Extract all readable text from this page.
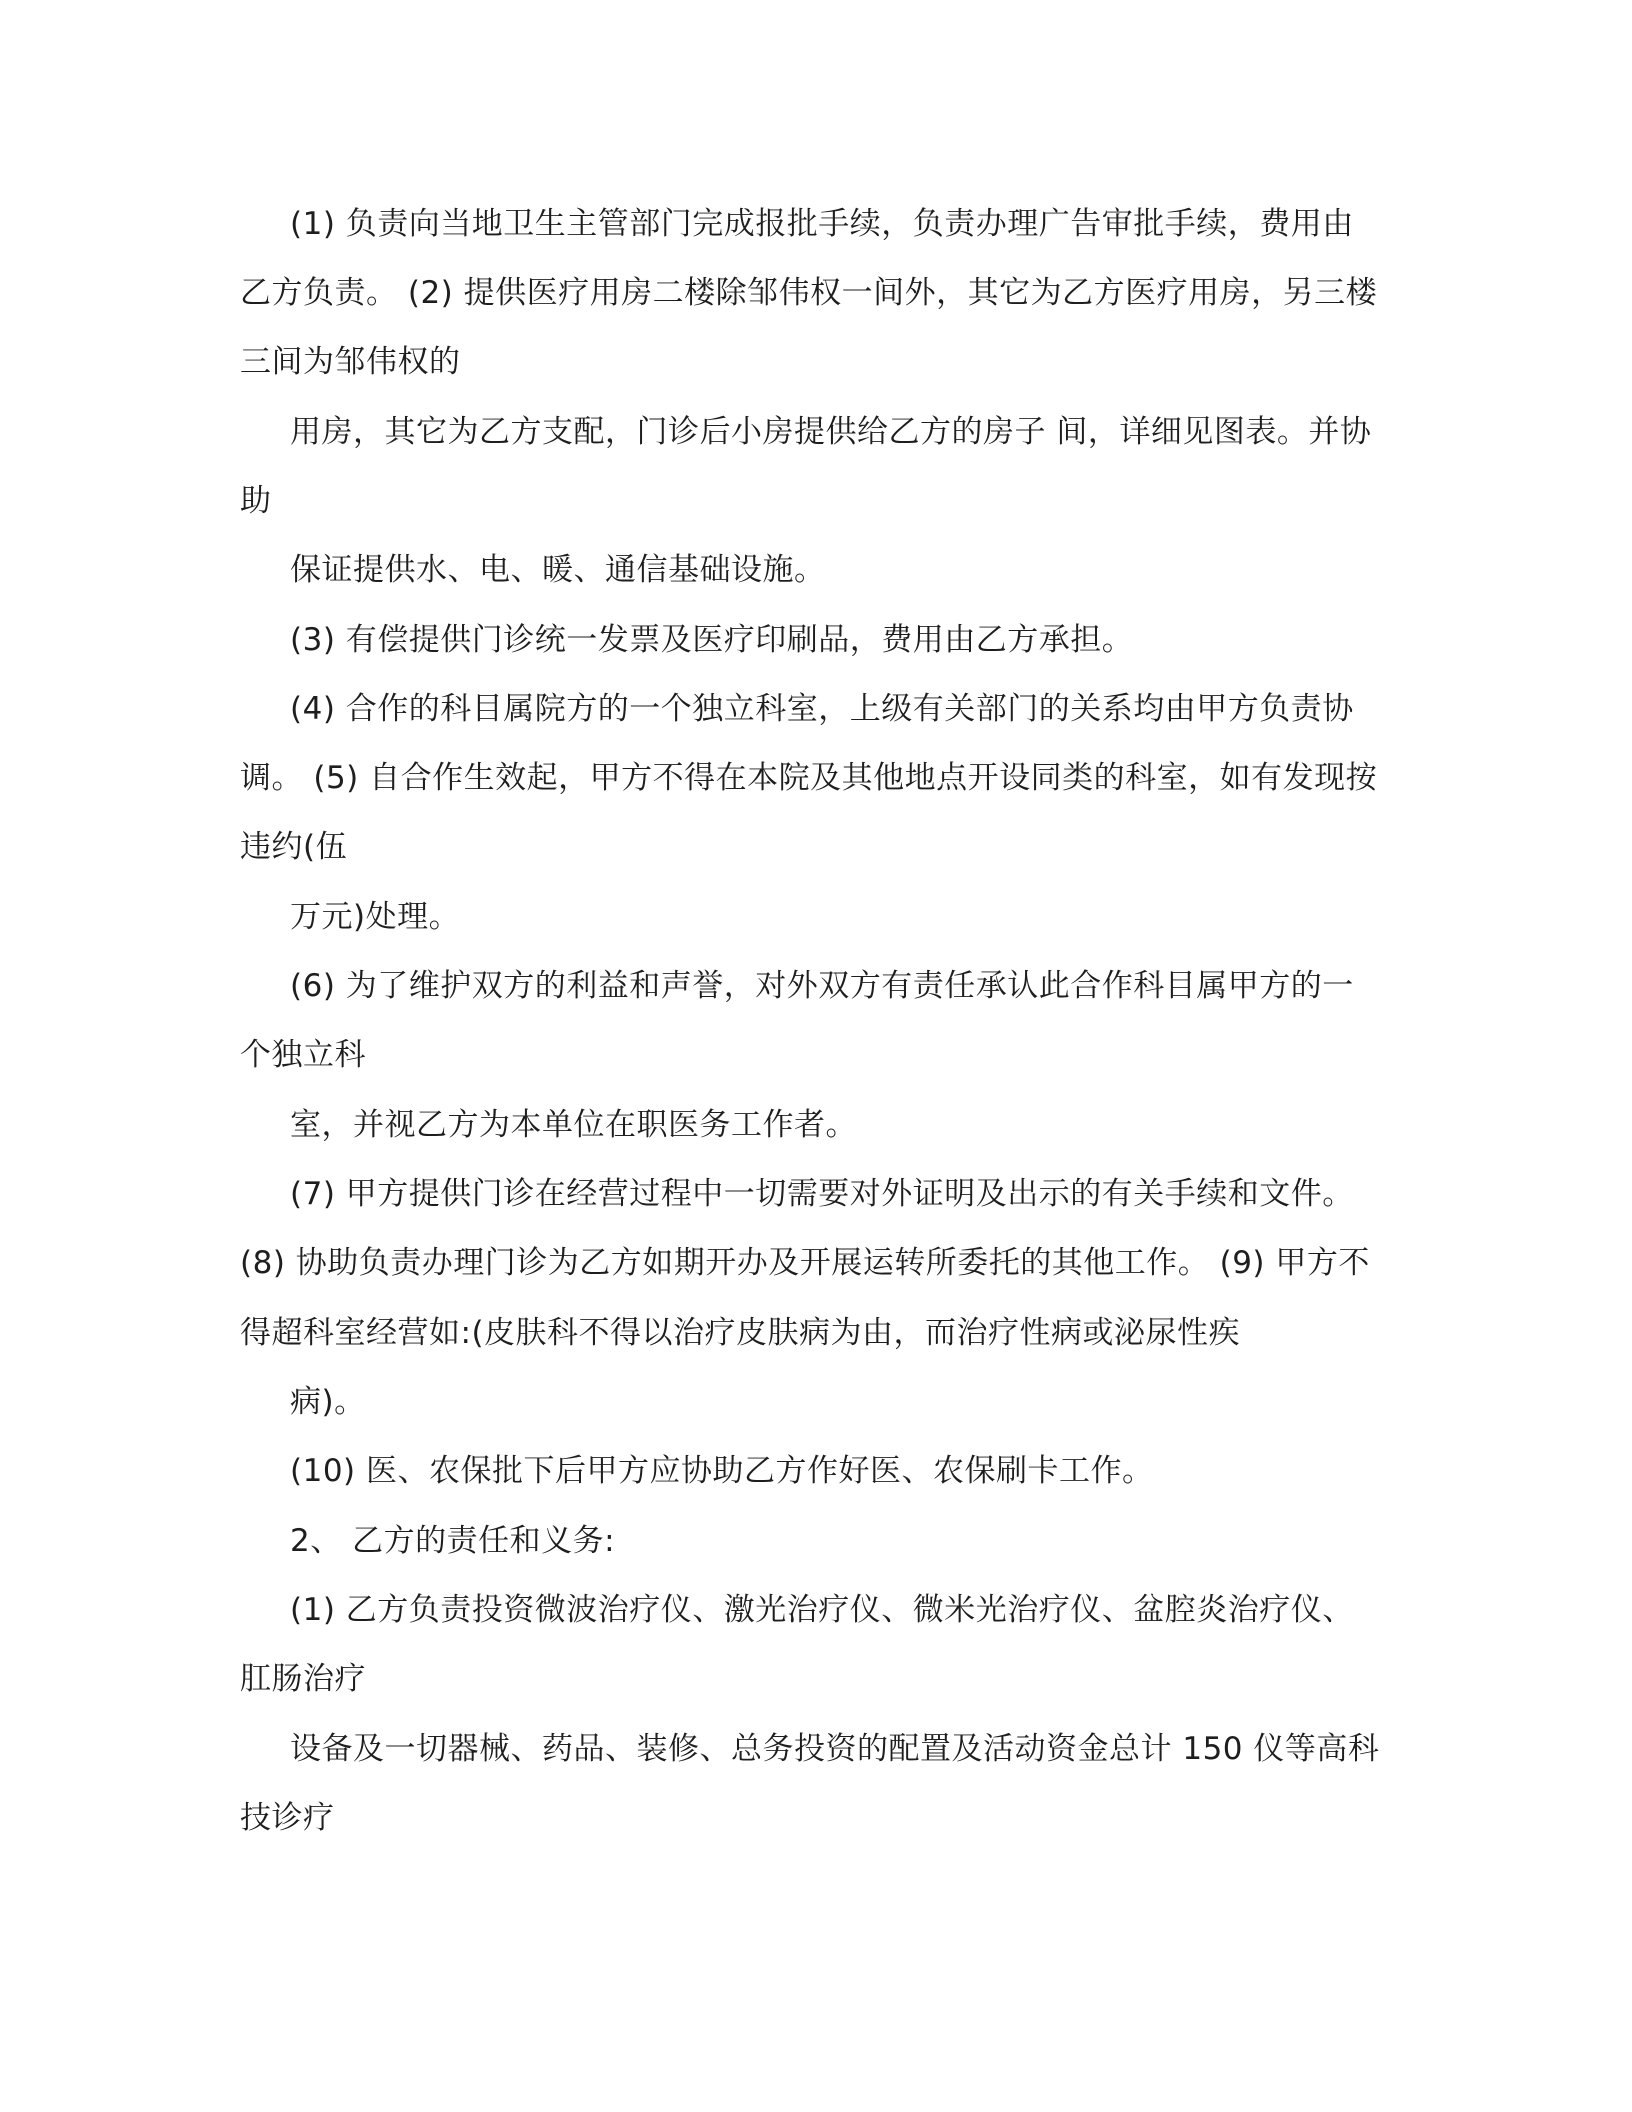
(1) 负责向当地卫生主管部门完成报批手续，负责办理广告审批手续，费用由
乙方负责。 (2) 提供医疗用房二楼除邹伟权一间外，其它为乙方医疗用房，另三楼
三间为邹伟权的
用房，其它为乙方支配，门诊后小房提供给乙方的房子 间，详细见图表。并协
助
保证提供水、电、暖、通信基础设施。
(3) 有偿提供门诊统一发票及医疗印刷品，费用由乙方承担。
(4) 合作的科目属院方的一个独立科室，上级有关部门的关系均由甲方负责协
调。 (5) 自合作生效起，甲方不得在本院及其他地点开设同类的科室，如有发现按
违约(伍
万元)处理。
(6) 为了维护双方的利益和声誉，对外双方有责任承认此合作科目属甲方的一
个独立科
室，并视乙方为本单位在职医务工作者。
(7) 甲方提供门诊在经营过程中一切需要对外证明及出示的有关手续和文件。
(8) 协助负责办理门诊为乙方如期开办及开展运转所委托的其他工作。 (9) 甲方不
得超科室经营如:(皮肤科不得以治疗皮肤病为由，而治疗性病或泌尿性疾
病)。
(10) 医、农保批下后甲方应协助乙方作好医、农保刷卡工作。
2、 乙方的责任和义务:
(1) 乙方负责投资微波治疗仪、激光治疗仪、微米光治疗仪、盆腔炎治疗仪、
肛肠治疗
设备及一切器械、药品、装修、总务投资的配置及活动资金总计 150 仪等高科
技诊疗
